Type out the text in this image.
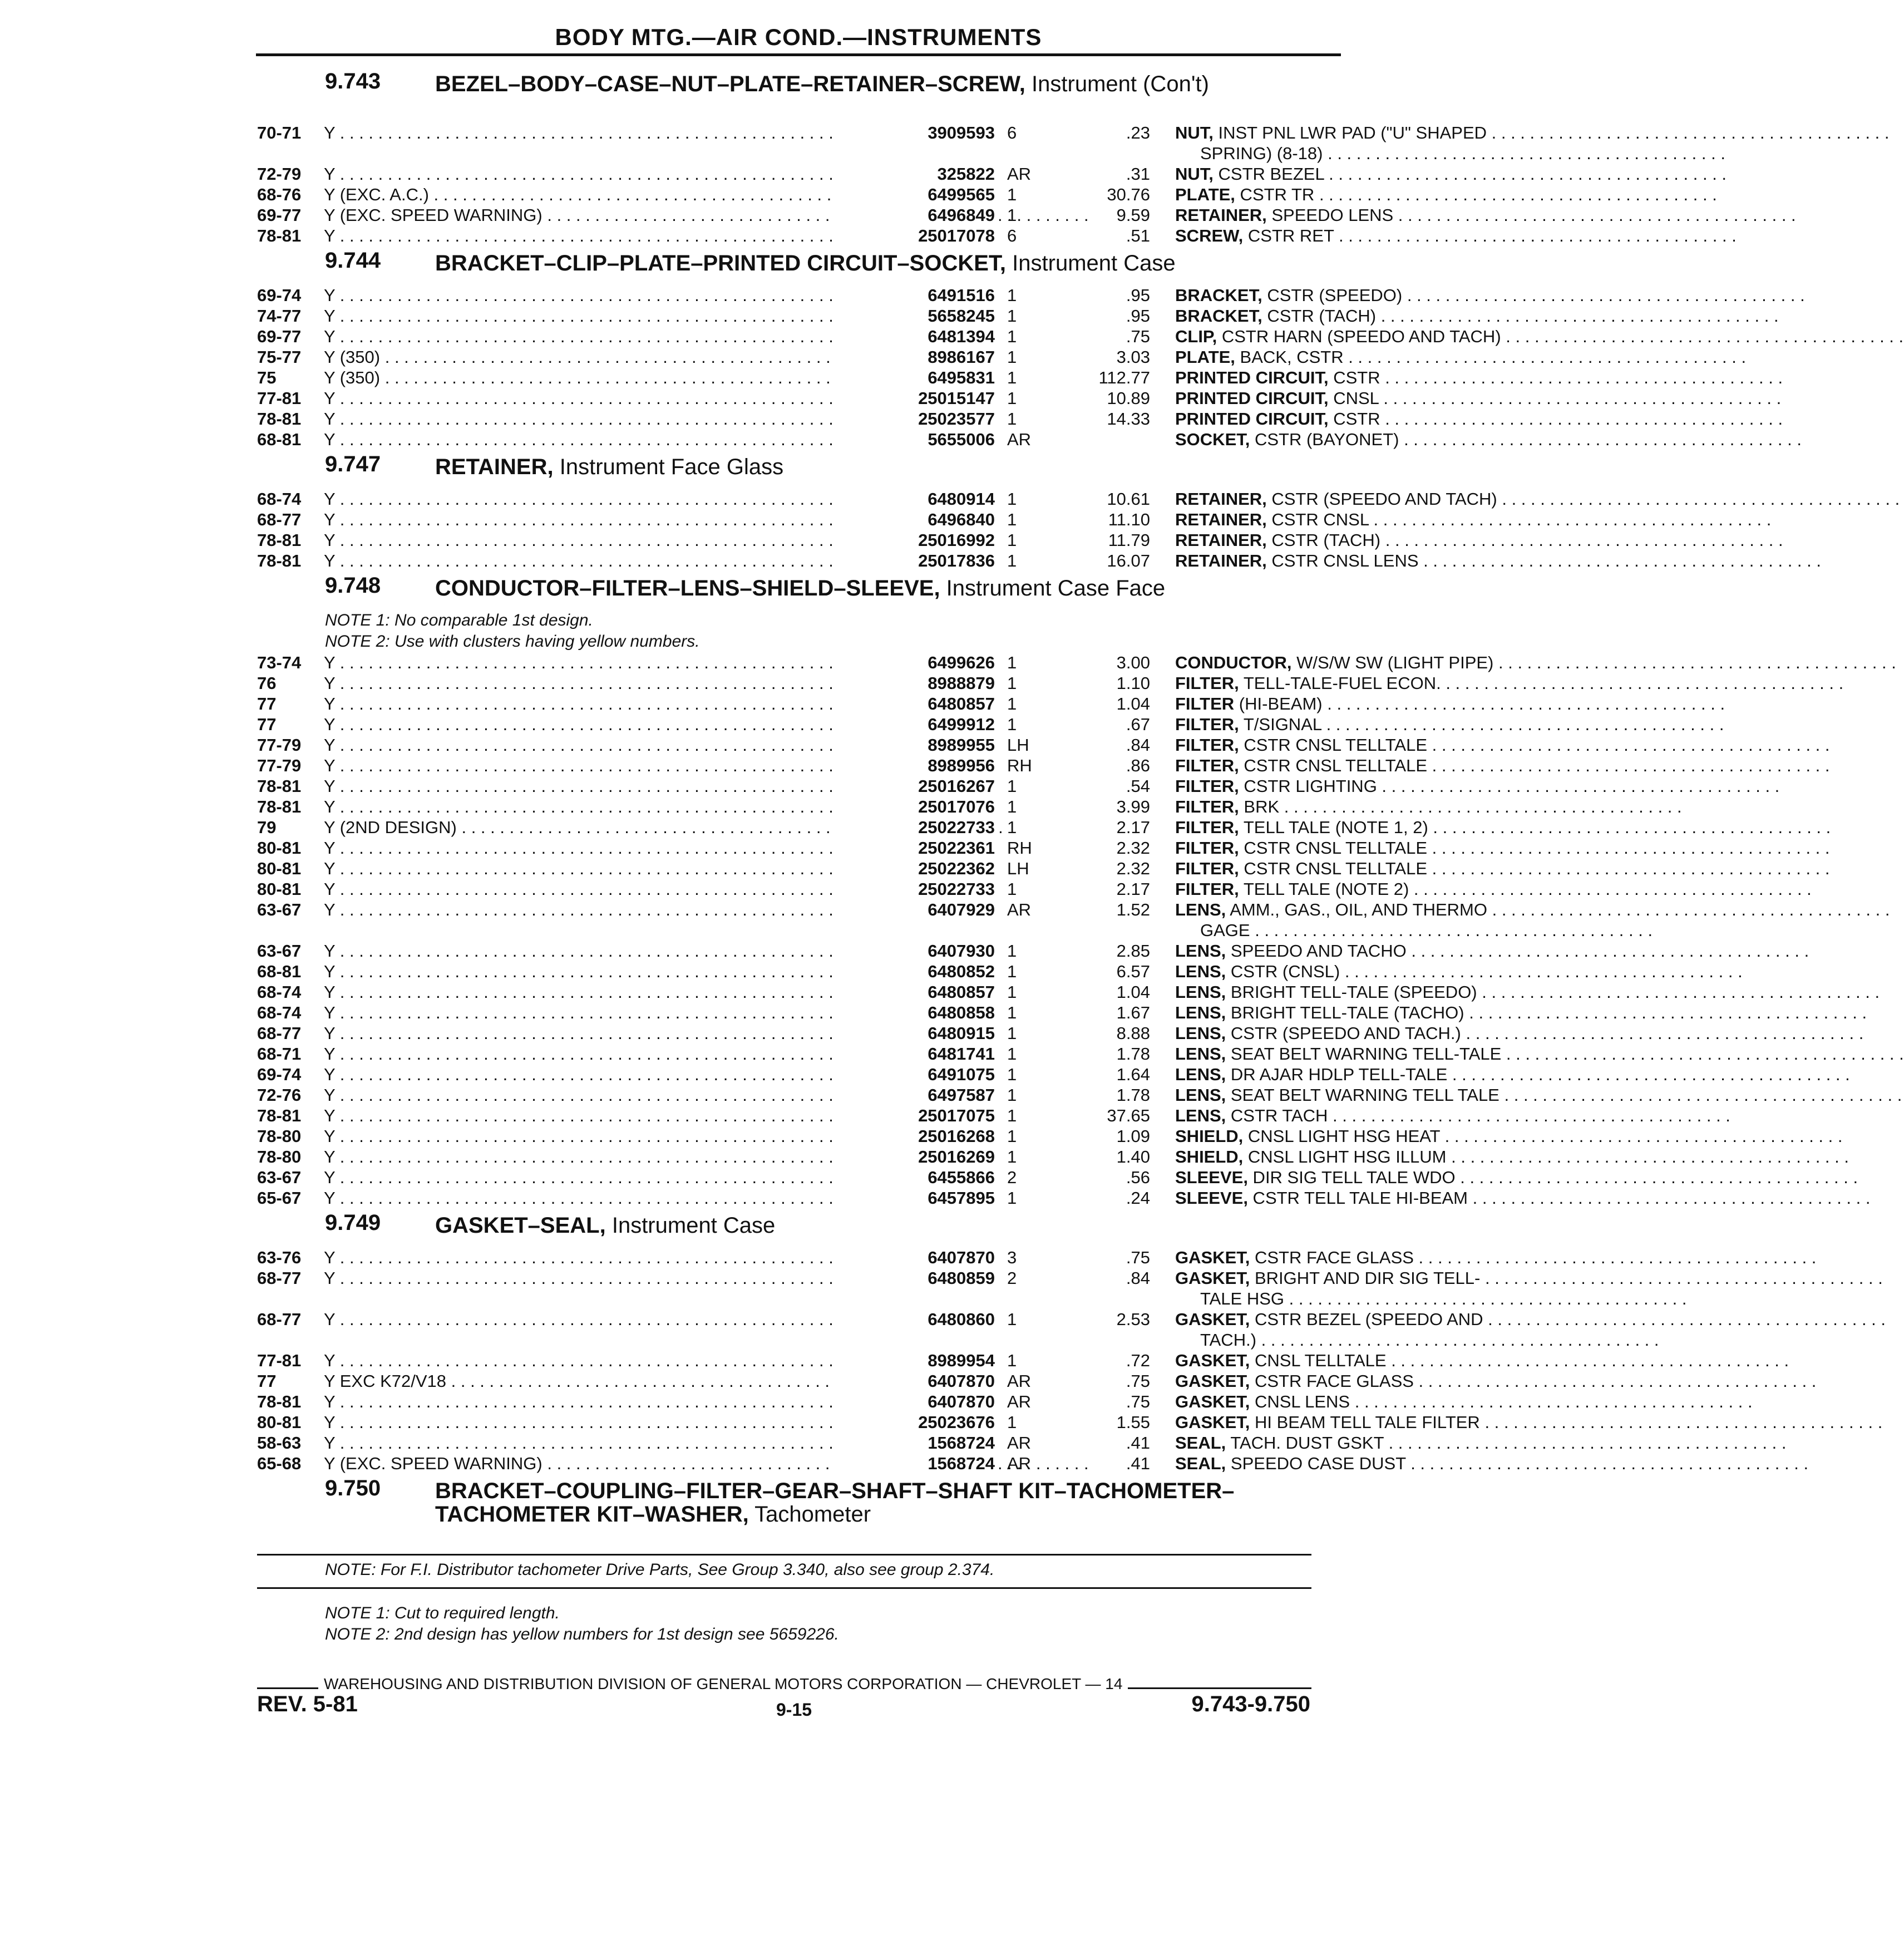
BODY MTG.—AIR COND.—INSTRUMENTS
9.743 BEZEL–BODY–CASE–NUT–PLATE–RETAINER–SCREW, Instrument (Con't)
70-71 Y . . .	3909593 6	.23 NUT, INST PNL LWR PAD ("U" SHAPED . . .
SPRING) (8-18) . . .
72-79 Y . . .	325822 AR	.31 NUT, CSTR BEZEL . . .
68-76 Y (EXC. A.C.) . . .	6499565 1	30.76 PLATE, CSTR TR . . .
69-77 Y (EXC. SPEED WARNING) . . .	6496849 1	9.59 RETAINER, SPEEDO LENS . . .
78-81 Y . . .	25017078 6	.51 SCREW, CSTR RET . . .
9.744 BRACKET–CLIP–PLATE–PRINTED CIRCUIT–SOCKET, Instrument Case
69-74 Y . . .	6491516 1	.95 BRACKET, CSTR (SPEEDO) . . .
74-77 Y . . .	5658245 1	.95 BRACKET, CSTR (TACH) . . .
69-77 Y . . .	6481394 1	.75 CLIP, CSTR HARN (SPEEDO AND TACH) . . .
75-77 Y (350) . . .	8986167 1	3.03 PLATE, BACK, CSTR . . .
75	Y (350) . . .	6495831 1	112.77 PRINTED CIRCUIT, CSTR . . .
77-81 Y . . .	25015147 1	10.89 PRINTED CIRCUIT, CNSL . . .
78-81 Y . . .	25023577 1	14.33 PRINTED CIRCUIT, CSTR . . .
68-81 Y . . .	5655006 AR	SOCKET, CSTR (BAYONET) . . .
9.747 RETAINER, Instrument Face Glass
68-74 Y . . .	6480914 1	10.61 RETAINER, CSTR (SPEEDO AND TACH) . . .
68-77 Y . . .	6496840 1	11.10 RETAINER, CSTR CNSL . . .
78-81 Y . . .	25016992 1	11.79 RETAINER, CSTR (TACH) . . .
78-81 Y . . .	25017836 1	16.07 RETAINER, CSTR CNSL LENS . . .
9.748 CONDUCTOR–FILTER–LENS–SHIELD–SLEEVE, Instrument Case Face
NOTE 1: No comparable 1st design.
NOTE 2: Use with clusters having yellow numbers.
73-74 Y . . .	6499626 1	3.00 CONDUCTOR, W/S/W SW (LIGHT PIPE) . . .
76	Y . . .	8988879 1	1.10 FILTER, TELL-TALE-FUEL ECON. . . .
77	Y . . .	6480857 1	1.04 FILTER (HI-BEAM) . . .
77	Y . . .	6499912 1	.67 FILTER, T/SIGNAL . . .
77-79 Y . . .	8989955 LH	.84 FILTER, CSTR CNSL TELLTALE . . .
77-79 Y . . .	8989956 RH	.86 FILTER, CSTR CNSL TELLTALE . . .
78-81 Y . . .	25016267 1	.54 FILTER, CSTR LIGHTING . . .
78-81 Y . . .	25017076 1	3.99 FILTER, BRK . . .
79	Y (2ND DESIGN) . . .	25022733 1	2.17 FILTER, TELL TALE (NOTE 1, 2) . . .
80-81 Y . . .	25022361 RH	2.32 FILTER, CSTR CNSL TELLTALE . . .
80-81 Y . . .	25022362 LH	2.32 FILTER, CSTR CNSL TELLTALE . . .
80-81 Y . . .	25022733 1	2.17 FILTER, TELL TALE (NOTE 2) . . .
63-67 Y . . .	6407929 AR	1.52 LENS, AMM., GAS., OIL, AND THERMO . . .
GAGE . . .
63-67 Y . . .	6407930 1	2.85 LENS, SPEEDO AND TACHO . . .
68-81 Y . . .	6480852 1	6.57 LENS, CSTR (CNSL) . . .
68-74 Y . . .	6480857 1	1.04 LENS, BRIGHT TELL-TALE (SPEEDO) . . .
68-74 Y . . .	6480858 1	1.67 LENS, BRIGHT TELL-TALE (TACHO) . . .
68-77 Y . . .	6480915 1	8.88 LENS, CSTR (SPEEDO AND TACH.) . . .
68-71 Y . . .	6481741 1	1.78 LENS, SEAT BELT WARNING TELL-TALE . . .
69-74 Y . . .	6491075 1	1.64 LENS, DR AJAR HDLP TELL-TALE . . .
72-76 Y . . .	6497587 1	1.78 LENS, SEAT BELT WARNING TELL TALE . . .
78-81 Y . . .	25017075 1	37.65 LENS, CSTR TACH . . .
78-80 Y . . .	25016268 1	1.09 SHIELD, CNSL LIGHT HSG HEAT . . .
78-80 Y . . .	25016269 1	1.40 SHIELD, CNSL LIGHT HSG ILLUM . . .
63-67 Y . . .	6455866 2	.56 SLEEVE, DIR SIG TELL TALE WDO . . .
65-67 Y . . .	6457895 1	.24 SLEEVE, CSTR TELL TALE HI-BEAM . . .
9.749 GASKET–SEAL, Instrument Case
63-76 Y . . .	6407870 3	.75 GASKET, CSTR FACE GLASS . . .
68-77 Y . . .	6480859 2	.84 GASKET, BRIGHT AND DIR SIG TELL- . . .
TALE HSG . . .
68-77 Y . . .	6480860 1	2.53 GASKET, CSTR BEZEL (SPEEDO AND . . .
TACH.) . . .
77-81 Y . . .	8989954 1	.72 GASKET, CNSL TELLTALE . . .
77	Y EXC K72/V18 . . .	6407870 AR	.75 GASKET, CSTR FACE GLASS . . .
78-81 Y . . .	6407870 AR	.75 GASKET, CNSL LENS . . .
80-81 Y . . .	25023676 1	1.55 GASKET, HI BEAM TELL TALE FILTER . . .
58-63 Y . . .	1568724 AR	.41 SEAL, TACH. DUST GSKT . . .
65-68 Y (EXC. SPEED WARNING) . . .	1568724 AR	.41 SEAL, SPEEDO CASE DUST . . .
9.750 BRACKET–COUPLING–FILTER–GEAR–SHAFT–SHAFT KIT–TACHOMETER–TACHOMETER KIT–WASHER, Tachometer
NOTE: For F.I. Distributor tachometer Drive Parts, See Group 3.340, also see group 2.374.
NOTE 1: Cut to required length.
NOTE 2: 2nd design has yellow numbers for 1st design see 5659226.
WAREHOUSING AND DISTRIBUTION DIVISION OF GENERAL MOTORS CORPORATION — CHEVROLET — 14
REV. 5-81	9-15	9.743-9.750
